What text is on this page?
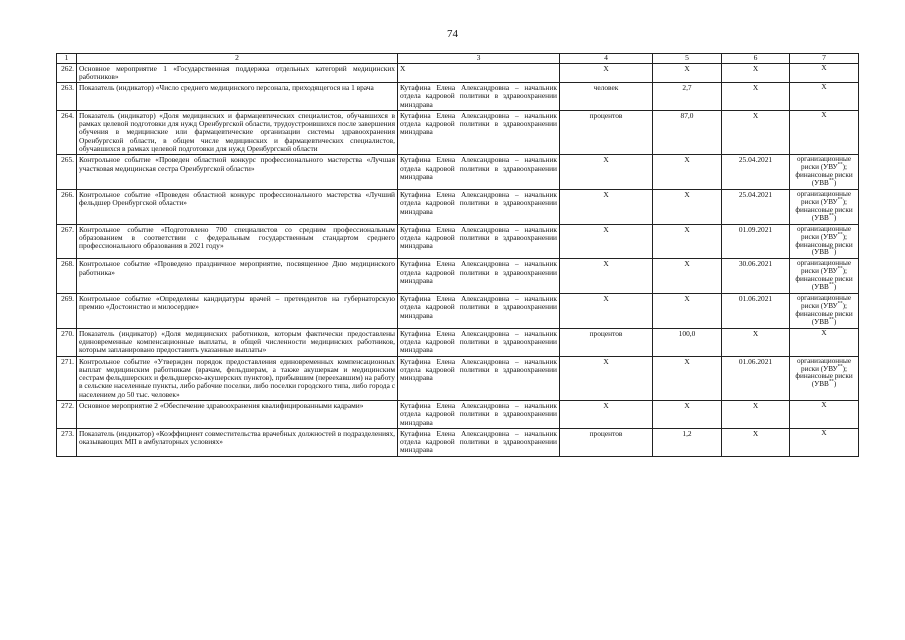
74
1	2	3	4	5	6	7
262.	Основное мероприятие 1 «Государственная поддержка отдельных категорий медицинских работников»	X	X	X	X	X
263.	Показатель (индикатор) «Число среднего медицинского персонала, приходящегося на 1 врача	Кутафина Елена Александровна – начальник отдела кадровой политики в здравоохранении минздрава	человек	2,7	X	X
264.	Показатель (индикатор) «Доля медицинских и фармацевтических специалистов, обучавшихся в рамках целевой подготовки для нужд Оренбургской области, трудоустроившихся после завершения обучения в медицинские или фармацевтические организации системы здравоохранения Оренбургской области, в общем числе медицинских и фармацевтических специалистов, обучавшихся в рамках целевой подготовки для нужд Оренбургской области	Кутафина Елена Александровна – начальник отдела кадровой политики в здравоохранении минздрава	процентов	87,0	X	X
265.	Контрольное событие «Проведен областной конкурс профессионального мастерства «Лучшая участковая медицинская сестра Оренбургской области»	Кутафина Елена Александровна – начальник отдела кадровой политики в здравоохранении минздрава	X	X	25.04.2021	организационные риски (УВУ**); финансовые риски (УВВ**)
266.	Контрольное событие «Проведен областной конкурс профессионального мастерства «Лучший фельдшер Оренбургской области»	Кутафина Елена Александровна – начальник отдела кадровой политики в здравоохранении минздрава	X	X	25.04.2021	организационные риски (УВУ**); финансовые риски (УВВ**)
267.	Контрольное событие «Подготовлено 700 специалистов со средним профессиональным образованием в соответствии с федеральным государственным стандартом среднего профессионального образования в 2021 году»	Кутафина Елена Александровна – начальник отдела кадровой политики в здравоохранении минздрава	X	X	01.09.2021	организационные риски (УВУ**); финансовые риски (УВВ**)
268.	Контрольное событие «Проведено праздничное мероприятие, посвященное Дню медицинского работника»	Кутафина Елена Александровна – начальник отдела кадровой политики в здравоохранении минздрава	X	X	30.06.2021	организационные риски (УВУ**); финансовые риски (УВВ**)
269.	Контрольное событие «Определены кандидатуры врачей – претендентов на губернаторскую премию «Достоинство и милосердие»	Кутафина Елена Александровна – начальник отдела кадровой политики в здравоохранении минздрава	X	X	01.06.2021	организационные риски (УВУ**); финансовые риски (УВВ**)
270.	Показатель (индикатор) «Доля медицинских работников, которым фактически предоставлены единовременные компенсационные выплаты, в общей численности медицинских работников, которым запланировано предоставить указанные выплаты»	Кутафина Елена Александровна – начальник отдела кадровой политики в здравоохранении минздрава	процентов	100,0	X	X
271.	Контрольное событие «Утвержден порядок предоставления единовременных компенсационных выплат медицинским работникам (врачам, фельдшерам, а также акушеркам и медицинским сестрам фельдшерских и фельдшерско-акушерских пунктов), прибывшим (переехавшим) на работу в сельские населенные пункты, либо рабочие поселки, либо поселки городского типа, либо города с населением до 50 тыс. человек»	Кутафина Елена Александровна – начальник отдела кадровой политики в здравоохранении минздрава	X	X	01.06.2021	организационные риски (УВУ**); финансовые риски (УВВ**)
272.	Основное мероприятие 2 «Обеспечение здравоохранения квалифицированными кадрами»	Кутафина Елена Александровна – начальник отдела кадровой политики в здравоохранении минздрава	X	X	X	X
273.	Показатель (индикатор) «Коэффициент совместительства врачебных должностей в подразделениях, оказывающих МП в амбулаторных условиях»	Кутафина Елена Александровна – начальник отдела кадровой политики в здравоохранении минздрава	процентов	1,2	X	X
